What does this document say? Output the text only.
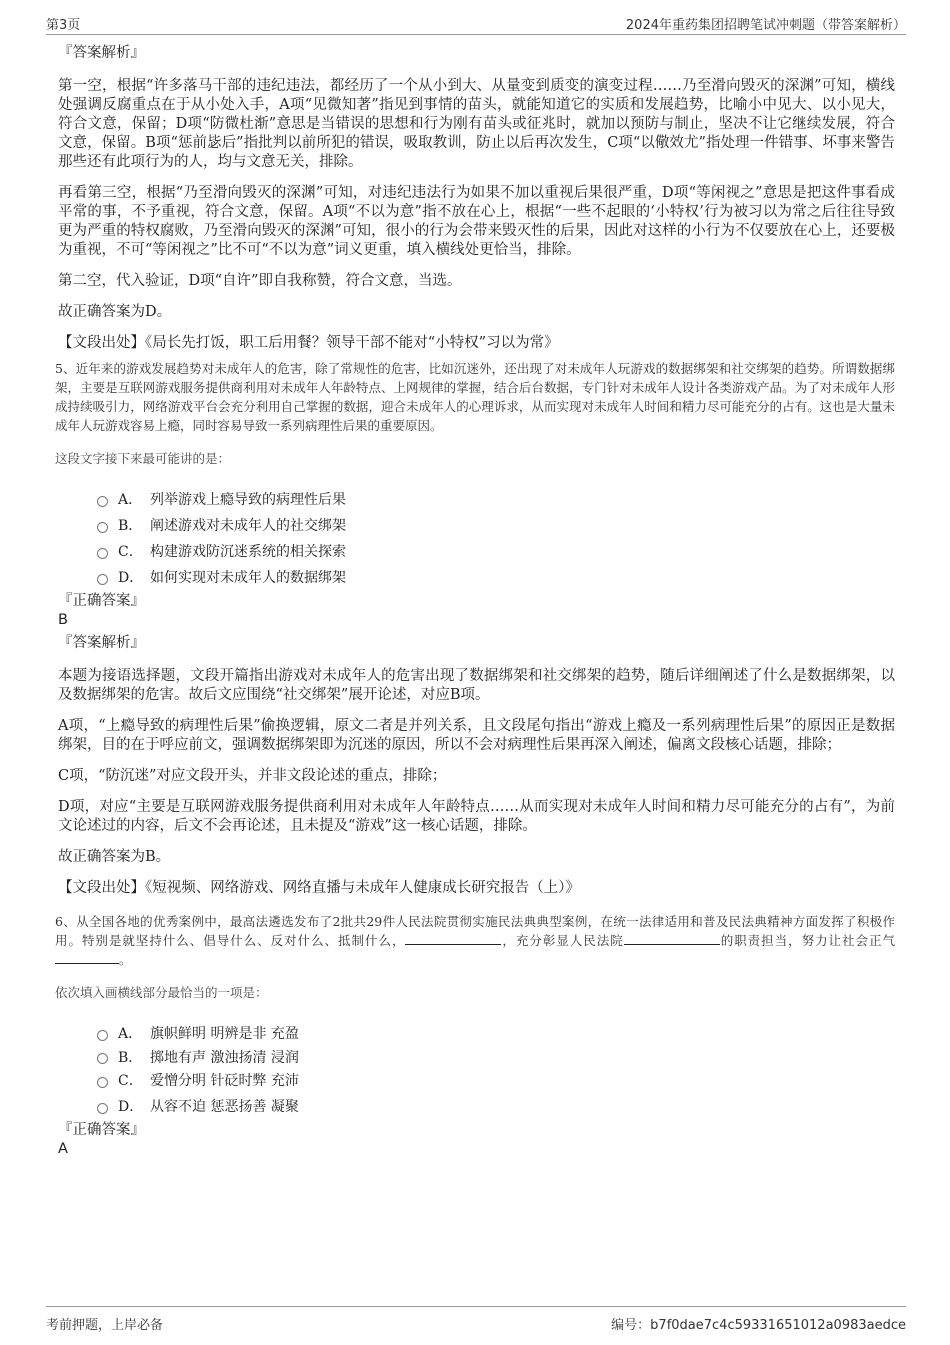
第3页	2024年重药集团招聘笔试冲刺题（带答案解析）
『答案解析』

第一空，根据“许多落马干部的违纪违法，都经历了一个从小到大、从量变到质变的演变过程……乃至滑向毁灭的深渊”可知，横线处强调反腐重点在于从小处入手，A项“见微知著”指见到事情的苗头，就能知道它的实质和发展趋势，比喻小中见大、以小见大，符合文意，保留；D项“防微杜渐”意思是当错误的思想和行为刚有苗头或征兆时，就加以预防与制止，坚决不让它继续发展，符合文意，保留。B项“惩前毖后”指批判以前所犯的错误，吸取教训，防止以后再次发生，C项“以儆效尤”指处理一件错事、坏事来警告那些还有此项行为的人，均与文意无关，排除。

再看第三空，根据“乃至滑向毁灭的深渊”可知，对违纪违法行为如果不加以重视后果很严重，D项“等闲视之”意思是把这件事看成平常的事，不予重视，符合文意，保留。A项“不以为意”指不放在心上，根据“一些不起眼的‘小特权’行为被习以为常之后往往导致更为严重的特权腐败，乃至滑向毁灭的深渊”可知，很小的行为会带来毁灭性的后果，因此对这样的小行为不仅要放在心上，还要极为重视，不可“等闲视之”比不可“不以为意”词义更重，填入横线处更恰当，排除。

第二空，代入验证，D项“自许”即自我称赞，符合文意，当选。

故正确答案为D。

【文段出处】《局长先打饭，职工后用餐？领导干部不能对“小特权”习以为常》

5、近年来的游戏发展趋势对未成年人的危害，除了常规性的危害，比如沉迷外，还出现了对未成年人玩游戏的数据绑架和社交绑架的趋势。所谓数据绑架，主要是互联网游戏服务提供商利用对未成年人年龄特点、上网规律的掌握，结合后台数据，专门针对未成年人设计各类游戏产品。为了对未成年人形成持续吸引力，网络游戏平台会充分利用自己掌握的数据，迎合未成年人的心理诉求，从而实现对未成年人时间和精力尽可能充分的占有。这也是大量未成年人玩游戏容易上瘾，同时容易导致一系列病理性后果的重要原因。

这段文字接下来最可能讲的是：

A． 列举游戏上瘾导致的病理性后果
B． 阐述游戏对未成年人的社交绑架
C． 构建游戏防沉迷系统的相关探索
D． 如何实现对未成年人的数据绑架
『正确答案』
B
『答案解析』

本题为接语选择题，文段开篇指出游戏对未成年人的危害出现了数据绑架和社交绑架的趋势，随后详细阐述了什么是数据绑架，以及数据绑架的危害。故后文应围绕“社交绑架”展开论述，对应B项。

A项，“上瘾导致的病理性后果”偷换逻辑，原文二者是并列关系，且文段尾句指出“游戏上瘾及一系列病理性后果”的原因正是数据绑架，目的在于呼应前文，强调数据绑架即为沉迷的原因，所以不会对病理性后果再深入阐述，偏离文段核心话题，排除；

C项，“防沉迷”对应文段开头，并非文段论述的重点，排除；

D项，对应“主要是互联网游戏服务提供商利用对未成年人年龄特点……从而实现对未成年人时间和精力尽可能充分的占有”，为前文论述过的内容，后文不会再论述，且未提及“游戏”这一核心话题，排除。

故正确答案为B。

【文段出处】《短视频、网络游戏、网络直播与未成年人健康成长研究报告（上）》

6、从全国各地的优秀案例中，最高法遴选发布了2批共29件人民法院贯彻实施民法典典型案例，在统一法律适用和普及民法典精神方面发挥了积极作用。特别是就坚持什么、倡导什么、反对什么、抵制什么，	，充分彰显人民法院	的职责担当，努力让社会正气。

依次填入画横线部分最恰当的一项是：

A． 旗帜鲜明 明辨是非 充盈
B． 掷地有声 激浊扬清 浸润
C． 爱憎分明 针砭时弊 充沛
D． 从容不迫 惩恶扬善 凝聚
『正确答案』
A
考前押题，上岸必备	编号：b7f0dae7c4c59331651012a0983aedce
